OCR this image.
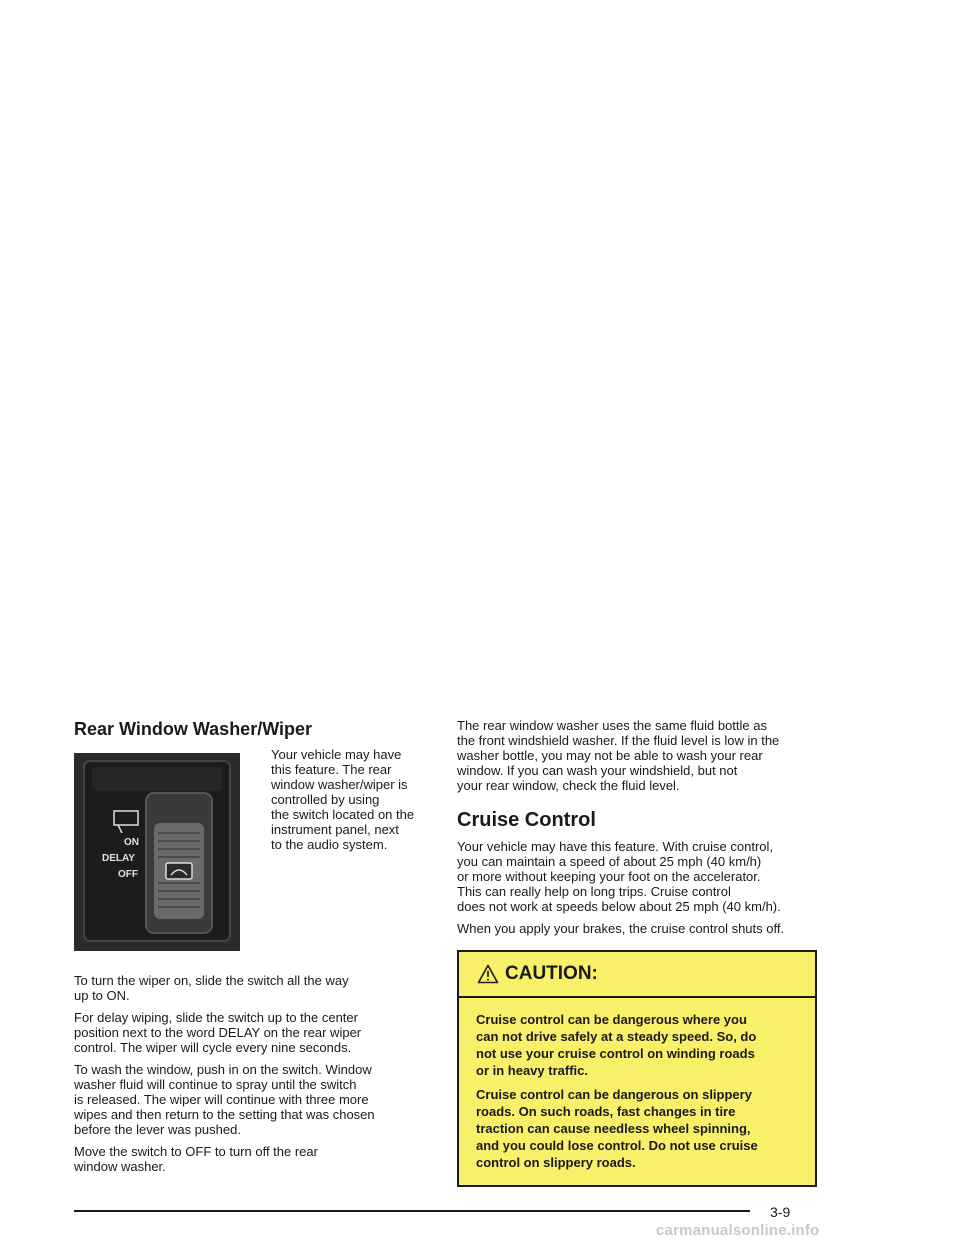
Rear Window Washer/Wiper
ON
DELAY
OFF

Your vehicle may have
this feature. The rear
window washer/wiper is
controlled by using
the switch located on the
instrument panel, next
to the audio system.

To turn the wiper on, slide the switch all the way
up to ON.

For delay wiping, slide the switch up to the center
position next to the word DELAY on the rear wiper
control. The wiper will cycle every nine seconds.

To wash the window, push in on the switch. Window
washer fluid will continue to spray until the switch
is released. The wiper will continue with three more
wipes and then return to the setting that was chosen
before the lever was pushed.

Move the switch to OFF to turn off the rear
window washer.

The rear window washer uses the same fluid bottle as
the front windshield washer. If the fluid level is low in the
washer bottle, you may not be able to wash your rear
window. If you can wash your windshield, but not
your rear window, check the fluid level.

Cruise Control

Your vehicle may have this feature. With cruise control,
you can maintain a speed of about 25 mph (40 km/h)
or more without keeping your foot on the accelerator.
This can really help on long trips. Cruise control
does not work at speeds below about 25 mph (40 km/h).

When you apply your brakes, the cruise control shuts off.

CAUTION:

Cruise control can be dangerous where you
can not drive safely at a steady speed. So, do
not use your cruise control on winding roads
or in heavy traffic.

Cruise control can be dangerous on slippery
roads. On such roads, fast changes in tire
traction can cause needless wheel spinning,
and you could lose control. Do not use cruise
control on slippery roads.

3-9
carmanualsonline.info
